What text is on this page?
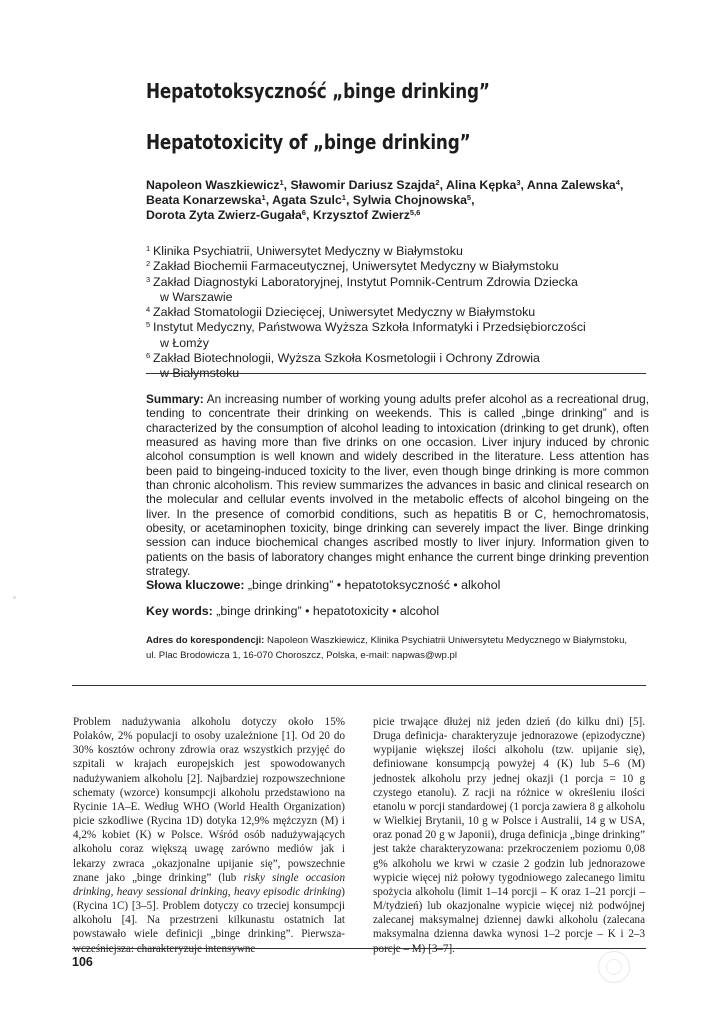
Hepatotoksyczność „binge drinking”
Hepatotoxicity of „binge drinking”
Napoleon Waszkiewicz$^1$, Sławomir Dariusz Szajda$^2$, Alina Kępka$^3$, Anna Zalewska$^4$,
Beata Konarzewska$^1$, Agata Szulc$^1$, Sylwia Chojnowska$^5$,
Dorota Zyta Zwierz-Gugała$^6$, Krzysztof Zwierz$^{5,6}$
1 Klinika Psychiatrii, Uniwersytet Medyczny w Białymstoku
2 Zakład Biochemii Farmaceutycznej, Uniwersytet Medyczny w Białymstoku
3 Zakład Diagnostyki Laboratoryjnej, Instytut Pomnik-Centrum Zdrowia Dziecka
w Warszawie
4 Zakład Stomatologii Dziecięcej, Uniwersytet Medyczny w Białymstoku
5 Instytut Medyczny, Państwowa Wyższa Szkoła Informatyki i Przedsiębiorczości
w Łomży
6 Zakład Biotechnologii, Wyższa Szkoła Kosmetologii i Ochrony Zdrowia
w Białymstoku
Summary: An increasing number of working young adults prefer alcohol as a recreational drug, tending to concentrate their drinking on weekends. This is called „binge drinking” and is characterized by the consumption of alcohol leading to intoxication (drinking to get drunk), often measured as having more than five drinks on one occasion. Liver injury induced by chronic alcohol consumption is well known and widely described in the literature. Less attention has been paid to bingeing-induced toxicity to the liver, even though binge drinking is more common than chronic alcoholism. This review summarizes the advances in basic and clinical research on the molecular and cellular events involved in the metabolic effects of alcohol bingeing on the liver. In the presence of comorbid conditions, such as hepatitis B or C, hemochromatosis, obesity, or acetaminophen toxicity, binge drinking can severely impact the liver. Binge drinking session can induce biochemical changes ascribed mostly to liver injury. Information given to patients on the basis of laboratory changes might enhance the current binge drinking prevention strategy.
Słowa kluczowe: „binge drinking” • hepatotoksyczność • alkohol
Key words: „binge drinking” • hepatotoxicity • alcohol
Adres do korespondencji: Napoleon Waszkiewicz, Klinika Psychiatrii Uniwersytetu Medycznego w Białymstoku,
ul. Plac Brodowicza 1, 16-070 Choroszcz, Polska, e-mail: napwas@wp.pl
Problem nadużywania alkoholu dotyczy około 15% Polaków, 2% populacji to osoby uzależnione [1]. Od 20 do 30% kosztów ochrony zdrowia oraz wszystkich przyjęć do szpitali w krajach europejskich jest spowodowanych nadużywaniem alkoholu [2]. Najbardziej rozpowszechnione schematy (wzorce) konsumpcji alkoholu przedstawiono na Rycinie 1A–E. Według WHO (World Health Organization) picie szkodliwe (Rycina 1D) dotyka 12,9% mężczyzn (M) i 4,2% kobiet (K) w Polsce. Wśród osób nadużywających alkoholu coraz większą uwagę zarówno mediów jak i lekarzy zwraca „okazjonalne upijanie się”, powszechnie znane jako „binge drinking” (lub risky single occasion drinking, heavy sessional drinking, heavy episodic drinking) (Rycina 1C) [3–5]. Problem dotyczy co trzeciej konsumpcji alkoholu [4]. Na przestrzeni kilkunastu ostatnich lat powstawało wiele definicji „binge drinking”. Pierwsza-wcześniejsza: charakteryzuje intensywne
picie trwające dłużej niż jeden dzień (do kilku dni) [5]. Druga definicja- charakteryzuje jednorazowe (epizodyczne) wypijanie większej ilości alkoholu (tzw. upijanie się), definiowane konsumpcją powyżej 4 (K) lub 5–6 (M) jednostek alkoholu przy jednej okazji (1 porcja = 10 g czystego etanolu). Z racji na różnice w określeniu ilości etanolu w porcji standardowej (1 porcja zawiera 8 g alkoholu w Wielkiej Brytanii, 10 g w Polsce i Australii, 14 g w USA, oraz ponad 20 g w Japonii), druga definicja „binge drinking” jest także charakteryzowana: przekroczeniem poziomu 0,08 g% alkoholu we krwi w czasie 2 godzin lub jednorazowe wypicie więcej niż połowy tygodniowego zalecanego limitu spożycia alkoholu (limit 1–14 porcji – K oraz 1–21 porcji – M/tydzień) lub okazjonalne wypicie więcej niż podwójnej zalecanej maksymalnej dziennej dawki alkoholu (zalecana maksymalna dzienna dawka wynosi 1–2 porcje – K i 2–3 porcje – M) [3–7].
106
